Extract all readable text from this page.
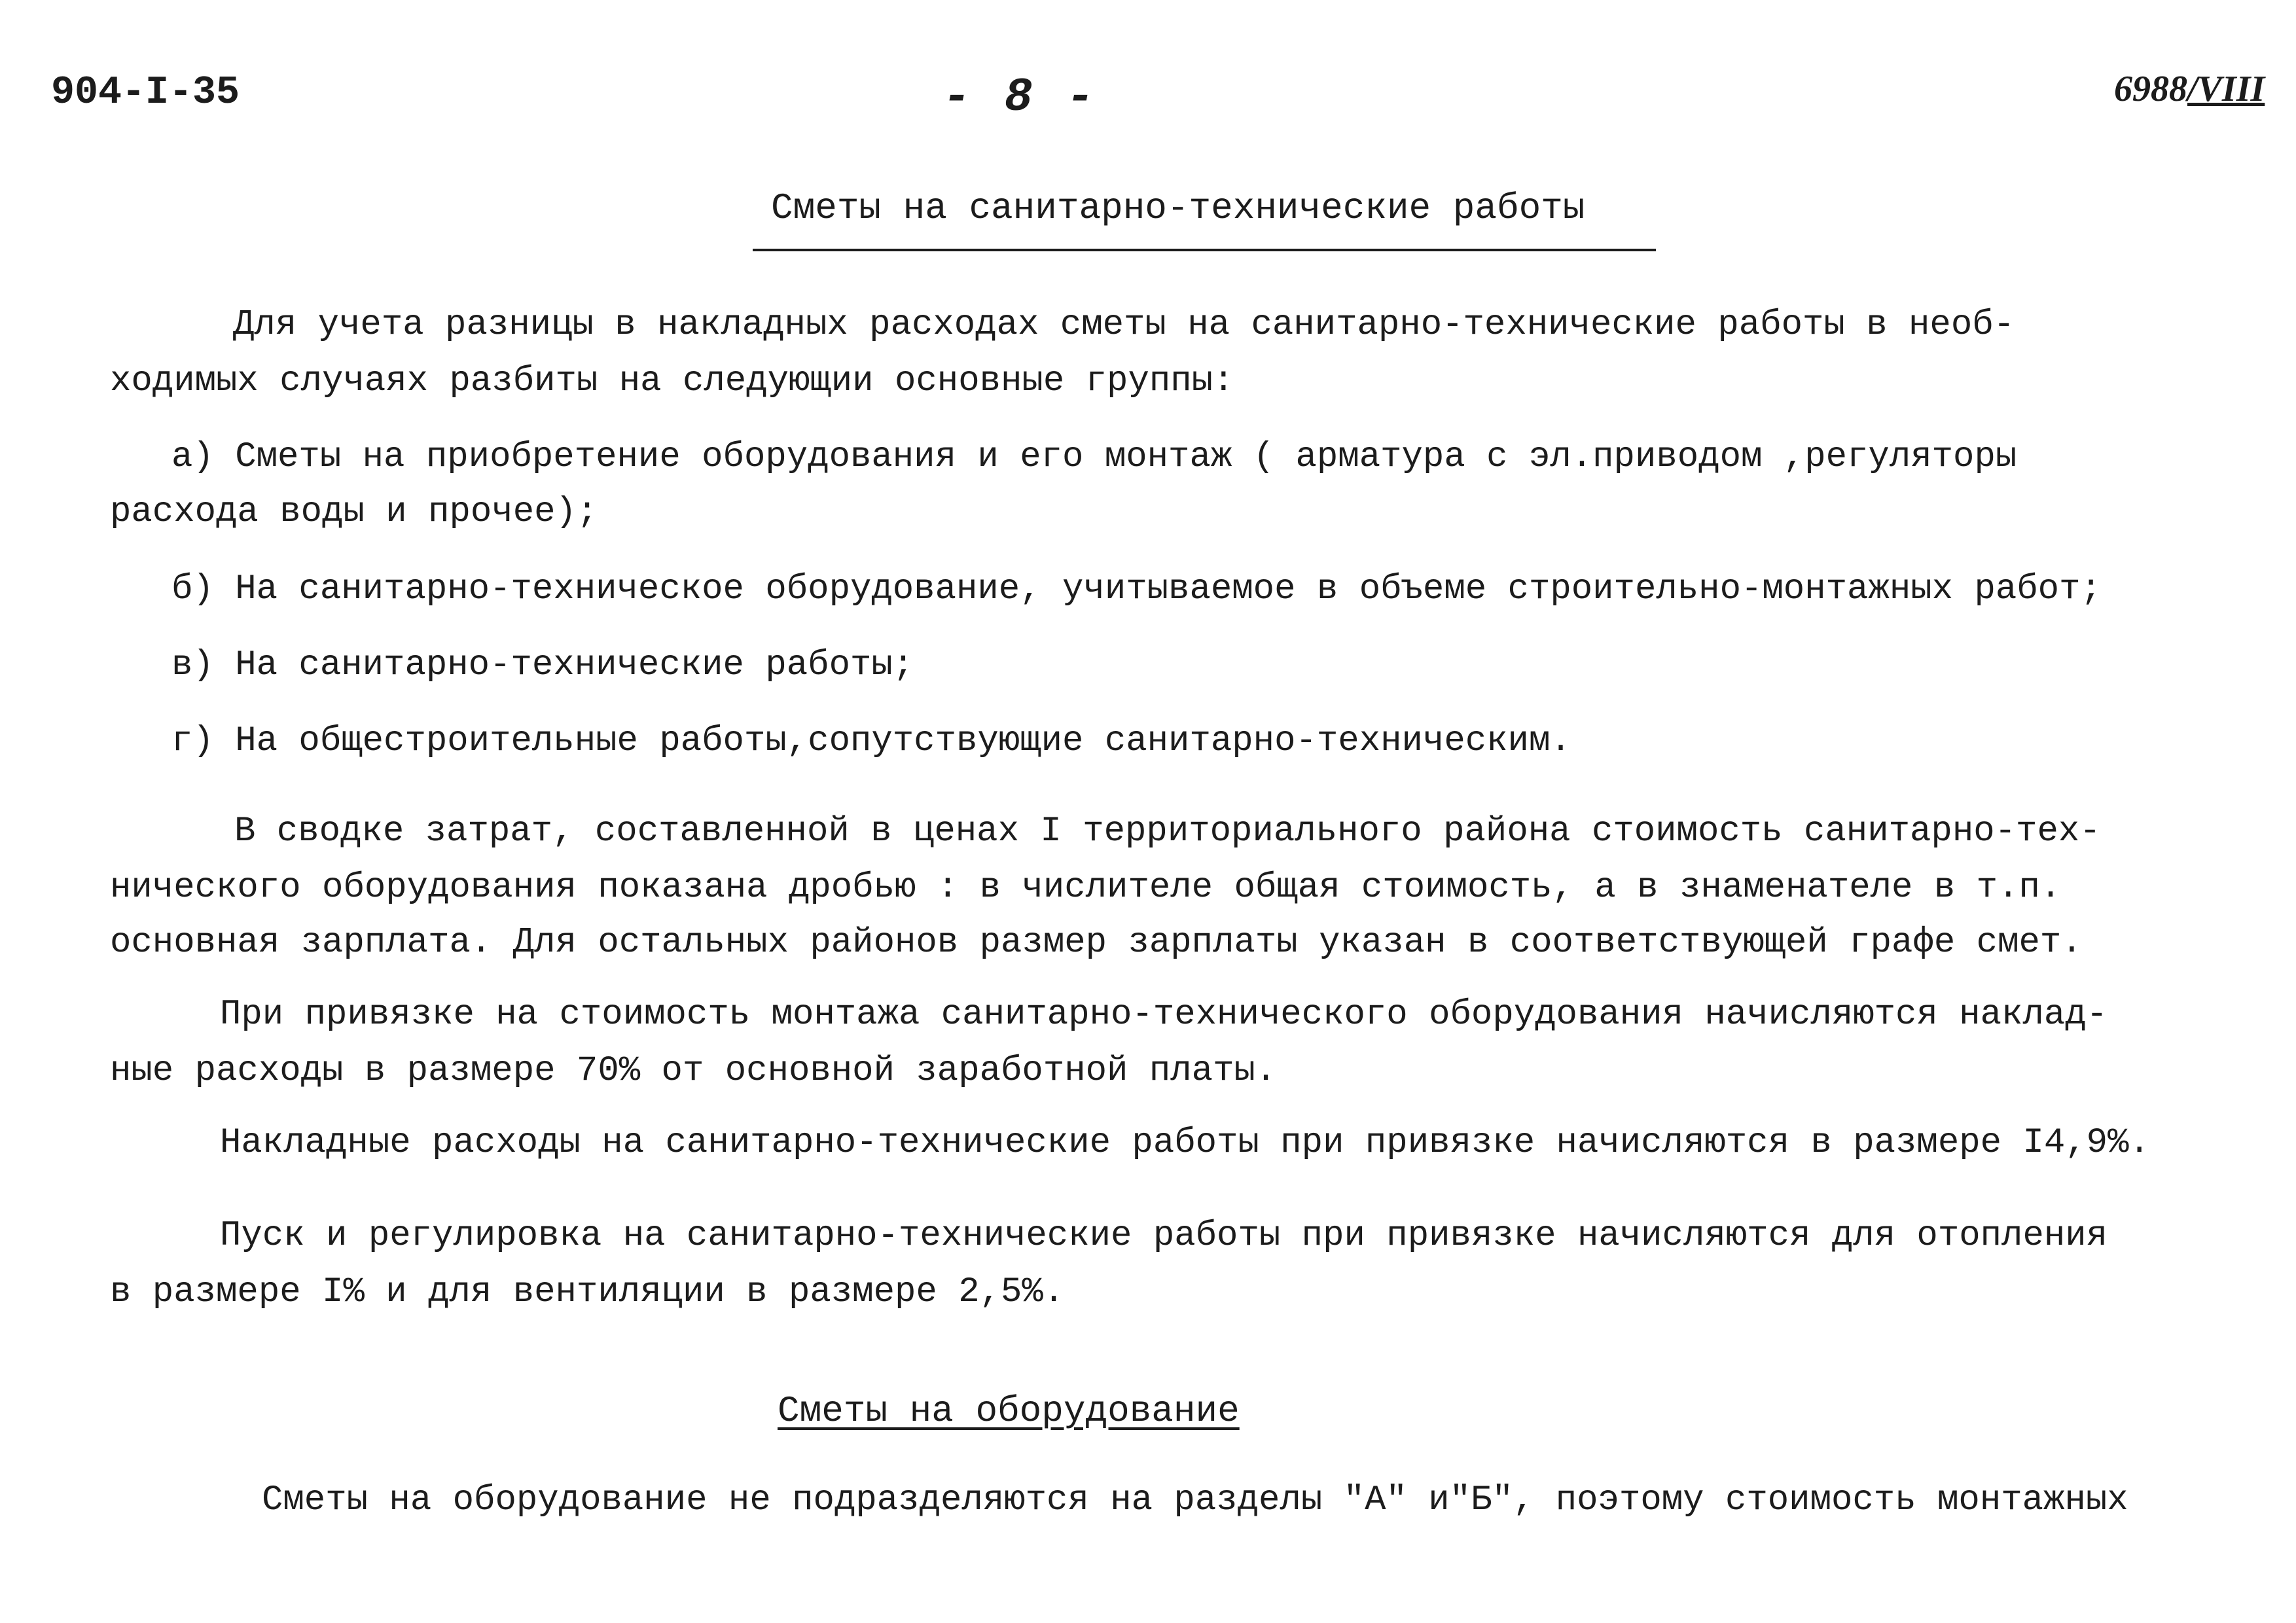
904-I-35	- 8 -	6988/VIII
Сметы на санитарно-технические работы
Для учета разницы в накладных расходах сметы на санитарно-технические работы в необ-
ходимых случаях разбиты на следующии основные группы:
а) Сметы на приобретение оборудования и его монтаж ( арматура с эл.приводом ,регуляторы
расхода воды и прочее);
б) На санитарно-техническое оборудование, учитываемое в объеме строительно-монтажных работ;
в) На санитарно-технические работы;
г) На общестроительные работы,сопутствующие санитарно-техническим.
В сводке затрат, составленной в ценах I территориального района стоимость санитарно-тех-
нического оборудования показана дробью : в числителе общая стоимость, а в знаменателе в т.п.
основная зарплата. Для остальных районов размер зарплаты указан в соответствующей графе смет.
При привязке на стоимость монтажа санитарно-технического оборудования начисляются наклад-
ные расходы в размере 70% от основной заработной платы.
Накладные расходы на санитарно-технические работы при привязке начисляются в размере I4,9%.
Пуск и регулировка на санитарно-технические работы при привязке начисляются для отопления
в размере I% и для вентиляции в размере 2,5%.
Сметы на оборудование
Сметы на оборудование не подразделяются на разделы "А" и"Б", поэтому стоимость монтажных
